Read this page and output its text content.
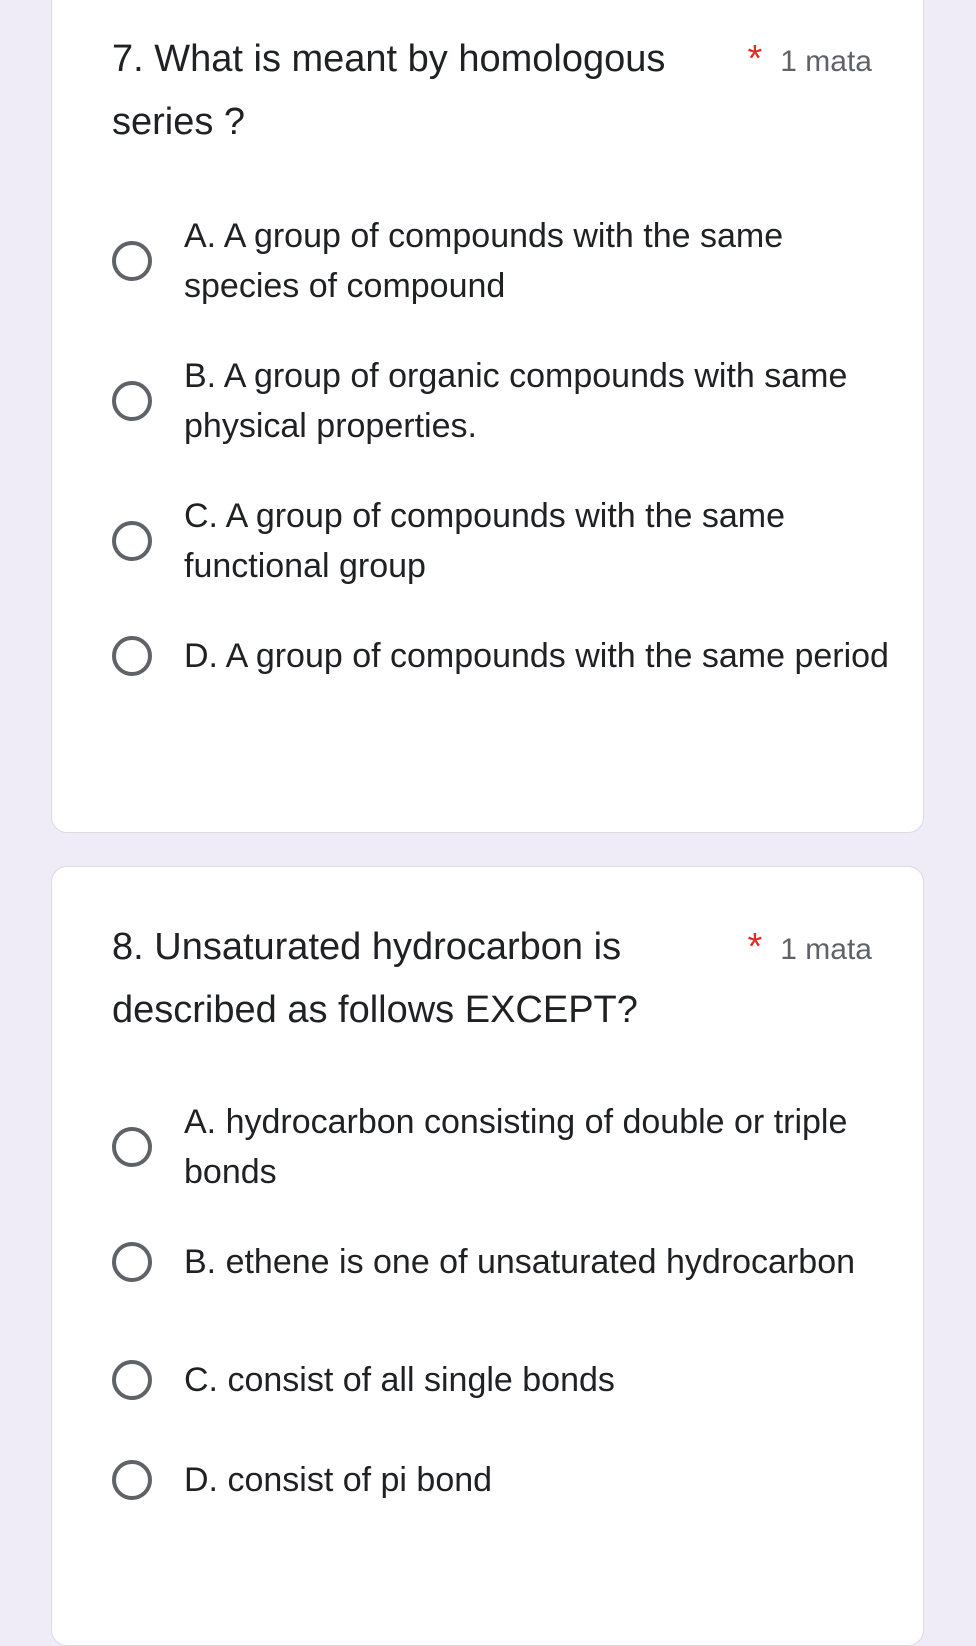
7. What is meant by homologous * 1 mata
series ?
A. A group of compounds with the same species of compound
B. A group of organic compounds with same physical properties.
C. A group of compounds with the same functional group
D. A group of compounds with the same period
8. Unsaturated hydrocarbon is	* 1 mata
described as follows EXCEPT?
A. hydrocarbon consisting of double or triple bonds
B. ethene is one of unsaturated hydrocarbon
C. consist of all single bonds
D. consist of pi bond
